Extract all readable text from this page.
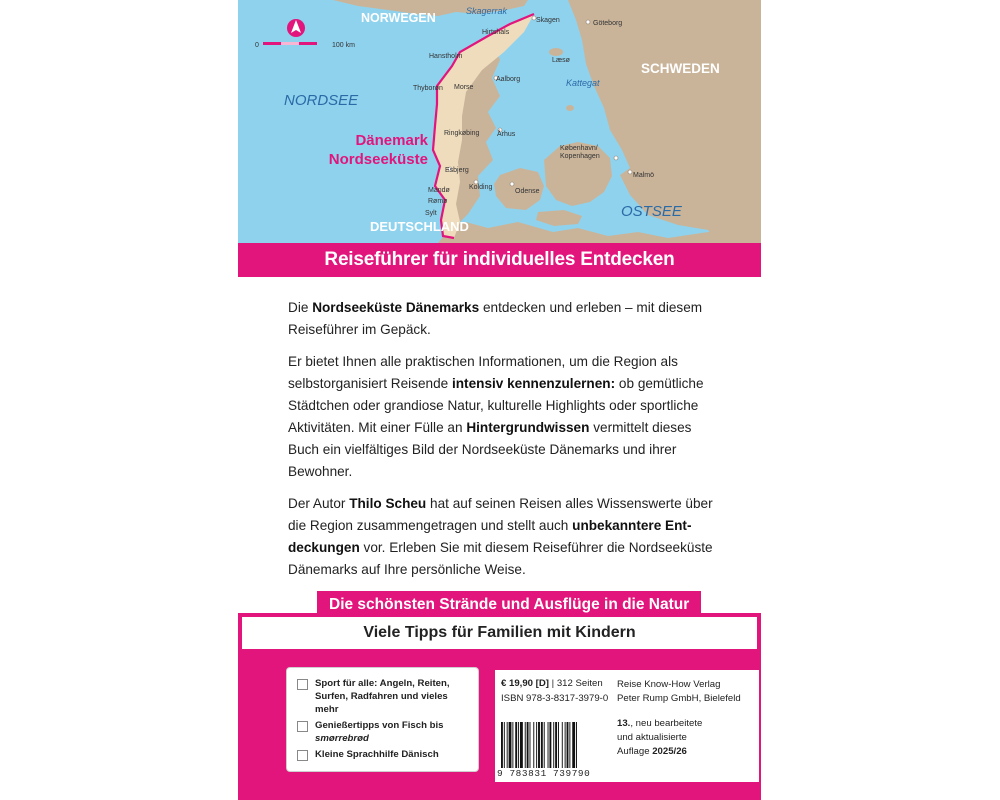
NORWEGEN	Skagerrak
SCHWEDEN
NORDSEE
Kattegat
OSTSEE
DEUTSCHLAND
Dänemark
Nordseeküste
0	100 km
Skagen
Hirtshals
Göteborg
Læsø
Hanstholm
Aalborg
Thyborøn Morse
Ringkøbing	Århus
Esbjerg
Kolding
Odense
København/
Kopenhagen
Malmö
Mandø
Rømø
Sylt
Reiseführer für individuelles Entdecken

Die Nordseeküste Dänemarks entdecken und erleben – mit diesem Reiseführer im Gepäck.

Er bietet Ihnen alle praktischen Informationen, um die Region als selbstorganisiert Reisende intensiv kennenzulernen: ob gemütliche Städtchen oder grandiose Natur, kulturelle Highlights oder sportliche Aktivitäten. Mit einer Fülle an Hintergrundwissen vermittelt dieses Buch ein vielfältiges Bild der Nordseeküste Dänemarks und ihrer Bewohner.

Der Autor Thilo Scheu hat auf seinen Reisen alles Wissenswerte über die Region zusammengetragen und stellt auch unbekanntere Entdeckungen vor. Erleben Sie mit diesem Reiseführer die Nordseeküste Dänemarks auf Ihre persönliche Weise.

Die schönsten Strände und Ausflüge in die Natur
Viele Tipps für Familien mit Kindern
Sport für alle: Angeln, Reiten, Surfen, Radfahren und vieles mehr
Genießertipps von Fisch bis smørrebrød
Kleine Sprachhilfe Dänisch
€ 19,90 [D] | 312 Seiten
ISBN 978-3-8317-3979-0
Reise Know-How Verlag
Peter Rump GmbH, Bielefeld
13., neu bearbeitete
und aktualisierte
Auflage 2025/26
9 783831 739790
